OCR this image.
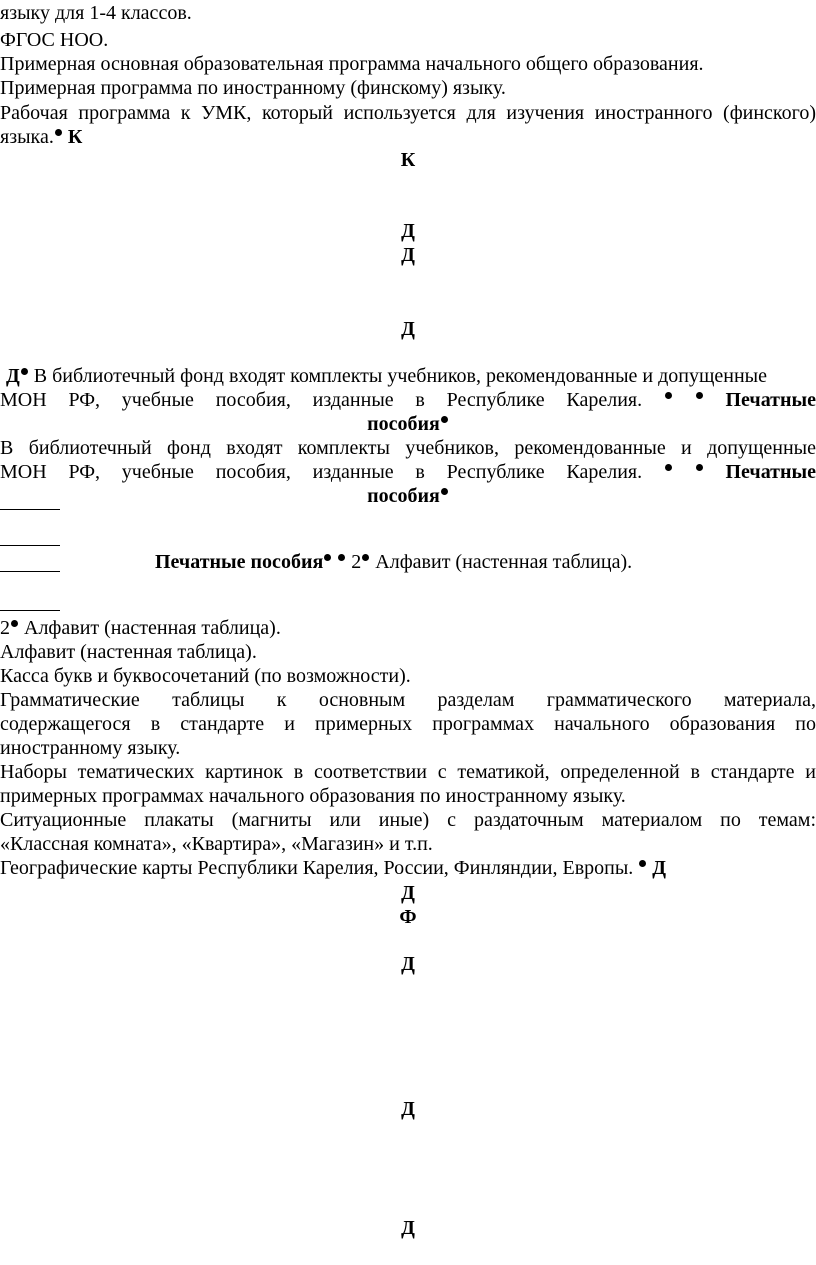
языку для 1-4 классов.

ФГОС НОО.

Примерная основная образовательная программа начального общего образования.

Примерная программа по иностранному (финскому) языку.

Рабочая программа к УМК, который используется для изучения иностранного (финского)

языка. К

К

Д

Д

Д

Д В библиотечный фонд входят комплекты учебников, рекомендованные и допущенные

МОН РФ, учебные пособия, изданные в Республике Карелия.	Печатные

пособия

В библиотечный фонд входят комплекты учебников, рекомендованные и допущенные

МОН РФ, учебные пособия, изданные в Республике Карелия.	Печатные

пособия

Печатные пособия  2 Алфавит (настенная таблица).

2 Алфавит (настенная таблица).

Алфавит (настенная таблица).

Касса букв и буквосочетаний (по возможности).

Грамматические таблицы к основным разделам грамматического материала,

содержащегося в стандарте и примерных программах начального образования по

иностранному языку.

Наборы тематических картинок в соответствии с тематикой, определенной в стандарте и

примерных программах начального образования по иностранному языку.

Ситуационные плакаты (магниты или иные) с раздаточным материалом по темам:

«Классная комната», «Квартира», «Магазин» и т.п.

Географические карты Республики Карелия, России, Финляндии, Европы. Д

Д

Ф

Д

Д

Д
